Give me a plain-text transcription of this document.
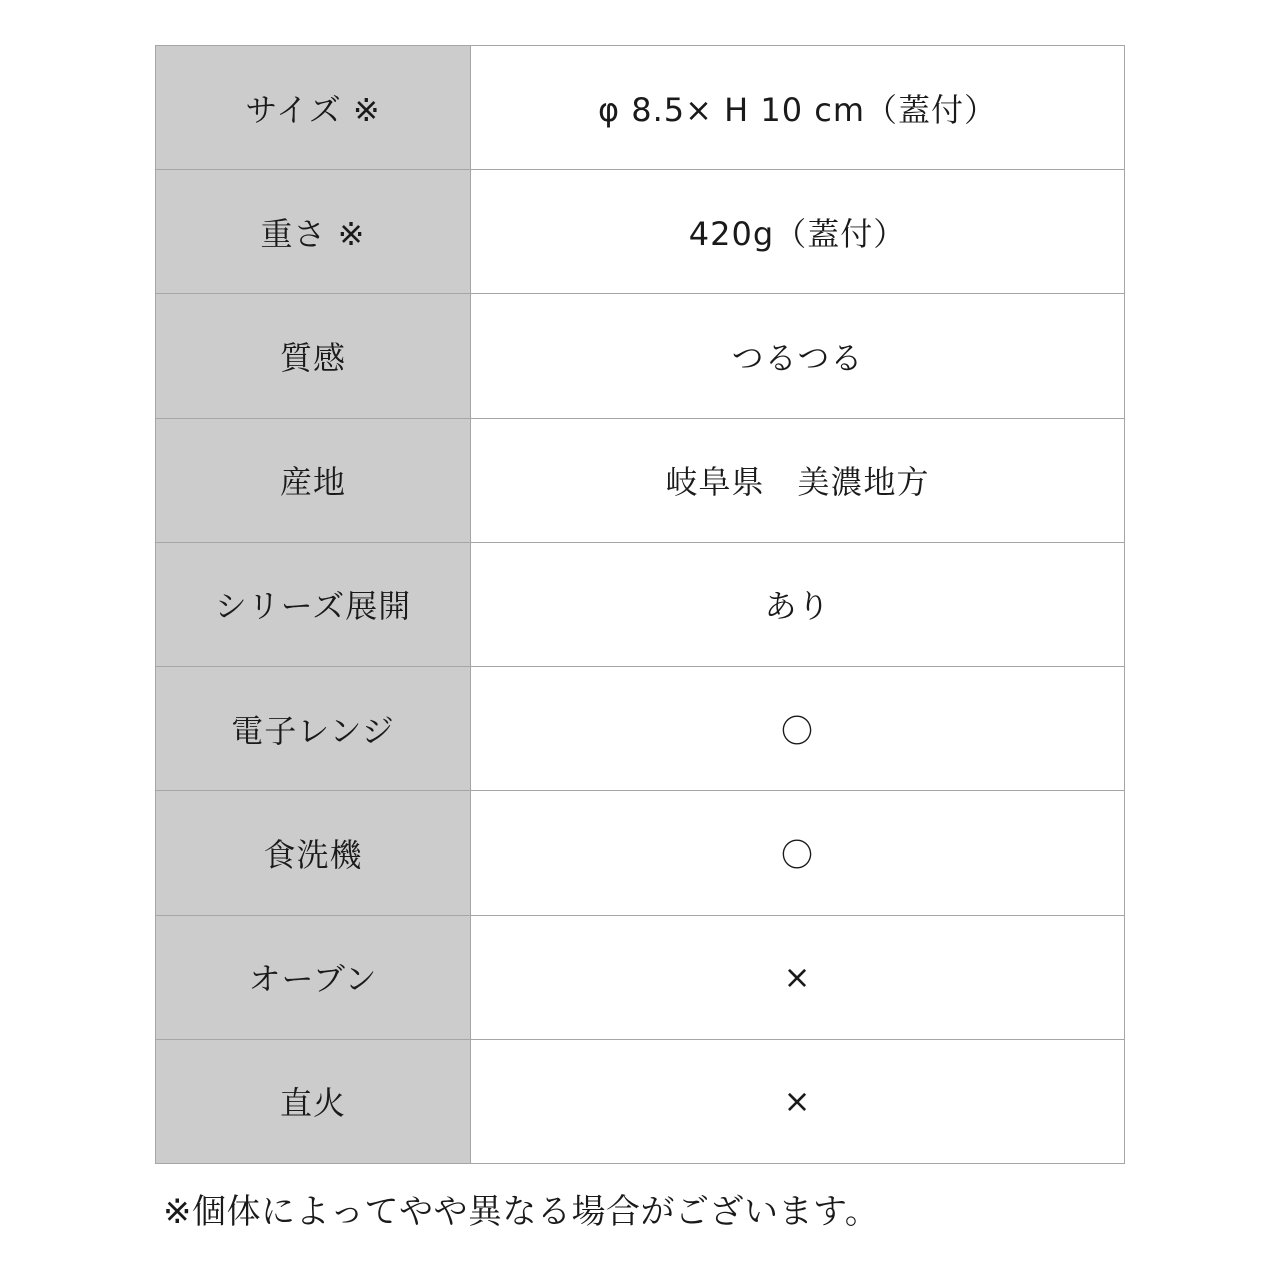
サイズ ※	φ 8.5× H 10 cm（蓋付）
重さ ※	420g（蓋付）
質感	つるつる
産地	岐阜県　美濃地方
シリーズ展開	あり
電子レンジ	〇
食洗機	〇
オーブン	×
直火	×
※個体によってやや異なる場合がございます。
